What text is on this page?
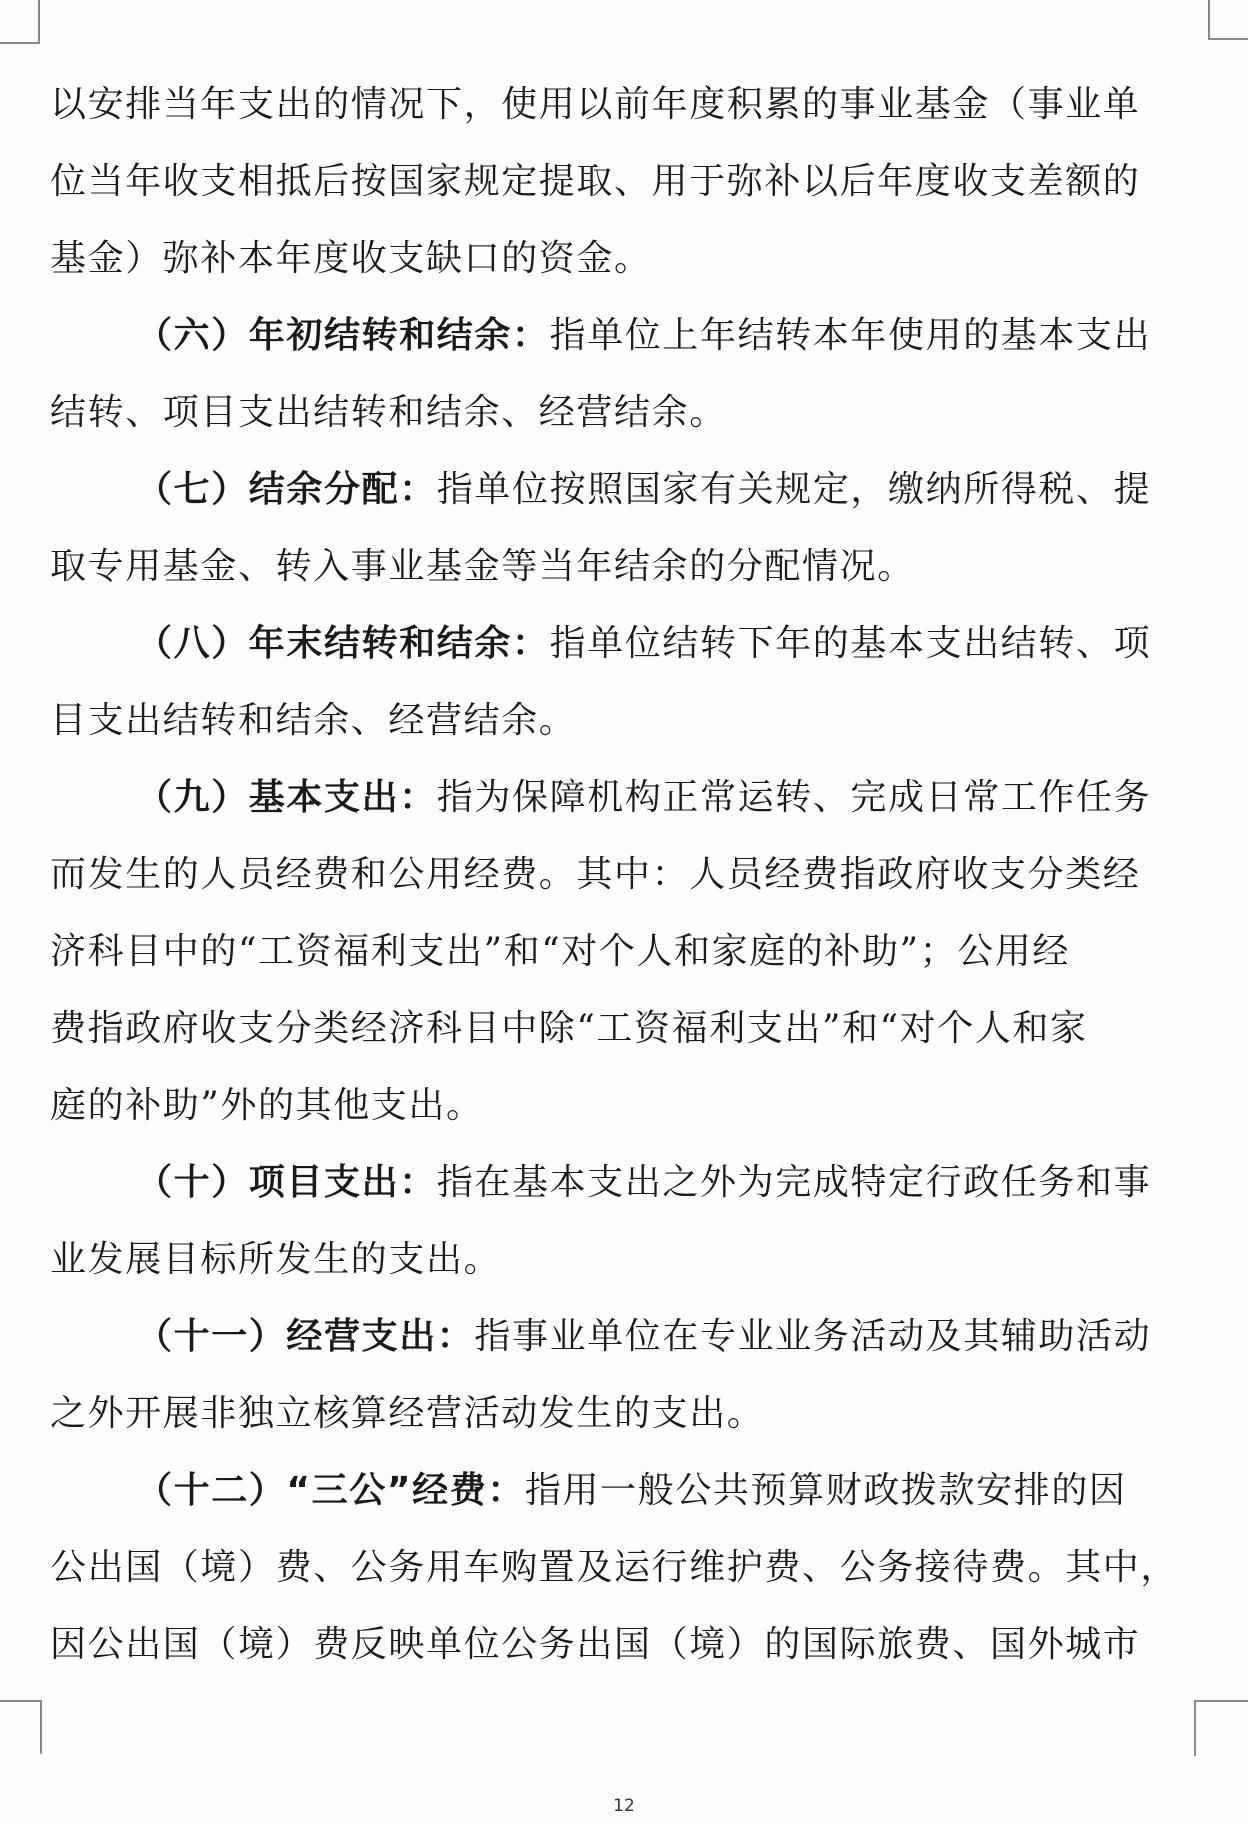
以安排当年支出的情况下，使用以前年度积累的事业基金（事业单
位当年收支相抵后按国家规定提取、用于弥补以后年度收支差额的
基金）弥补本年度收支缺口的资金。
（六）年初结转和结余：指单位上年结转本年使用的基本支出
结转、项目支出结转和结余、经营结余。
（七）结余分配：指单位按照国家有关规定，缴纳所得税、提
取专用基金、转入事业基金等当年结余的分配情况。
（八）年末结转和结余：指单位结转下年的基本支出结转、项
目支出结转和结余、经营结余。
（九）基本支出：指为保障机构正常运转、完成日常工作任务
而发生的人员经费和公用经费。其中：人员经费指政府收支分类经
济科目中的“工资福利支出”和“对个人和家庭的补助”；公用经
费指政府收支分类经济科目中除“工资福利支出”和“对个人和家
庭的补助”外的其他支出。
（十）项目支出：指在基本支出之外为完成特定行政任务和事
业发展目标所发生的支出。
（十一）经营支出：指事业单位在专业业务活动及其辅助活动
之外开展非独立核算经营活动发生的支出。
（十二）“三公”经费：指用一般公共预算财政拨款安排的因
公出国（境）费、公务用车购置及运行维护费、公务接待费。其中，
因公出国（境）费反映单位公务出国（境）的国际旅费、国外城市
12
